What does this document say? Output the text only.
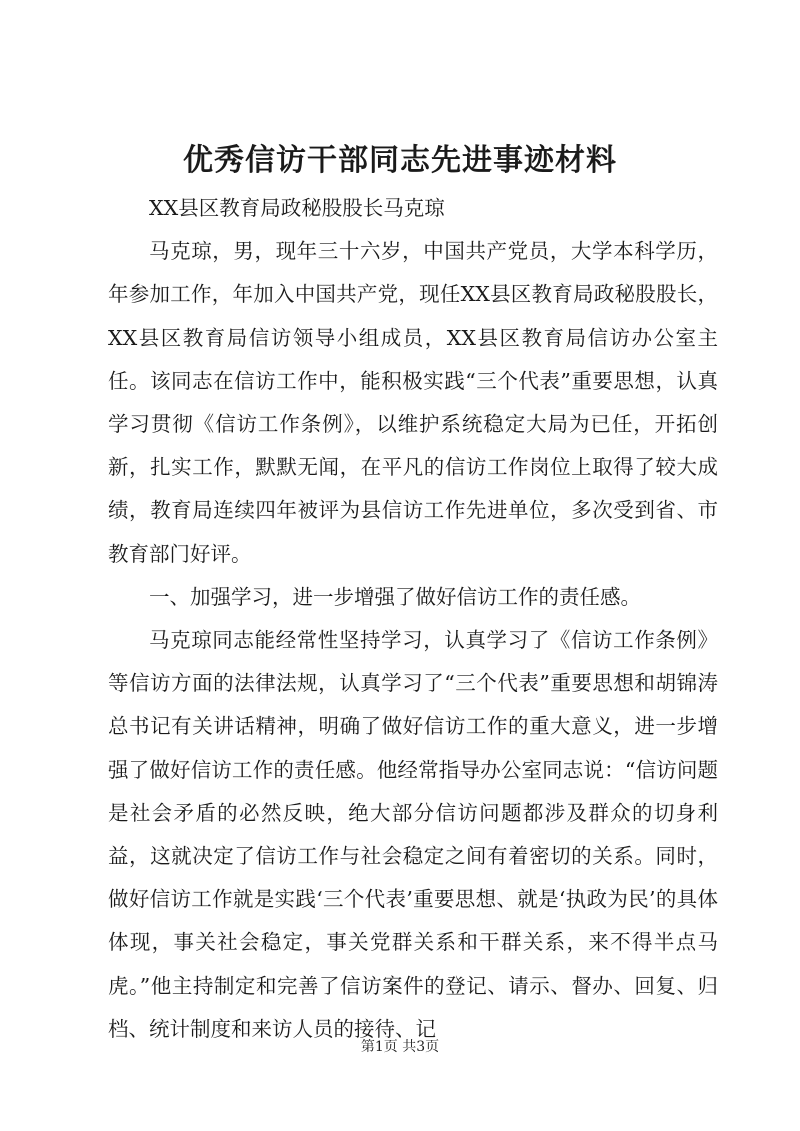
优秀信访干部同志先进事迹材料

XX县区教育局政秘股股长马克琼

马克琼，男，现年三十六岁，中国共产党员，大学本科学历，年参加工作，年加入中国共产党，现任XX县区教育局政秘股股长，XX县区教育局信访领导小组成员，XX县区教育局信访办公室主任。该同志在信访工作中，能积极实践“三个代表”重要思想，认真学习贯彻《信访工作条例》，以维护系统稳定大局为已任，开拓创新，扎实工作，默默无闻，在平凡的信访工作岗位上取得了较大成绩，教育局连续四年被评为县信访工作先进单位，多次受到省、市教育部门好评。

一、加强学习，进一步增强了做好信访工作的责任感。

马克琼同志能经常性坚持学习，认真学习了《信访工作条例》等信访方面的法律法规，认真学习了“三个代表”重要思想和胡锦涛总书记有关讲话精神，明确了做好信访工作的重大意义，进一步增强了做好信访工作的责任感。他经常指导办公室同志说：“信访问题是社会矛盾的必然反映，绝大部分信访问题都涉及群众的切身利益，这就决定了信访工作与社会稳定之间有着密切的关系。同时，做好信访工作就是实践‘三个代表’重要思想、就是‘执政为民’的具体体现，事关社会稳定，事关党群关系和干群关系，来不得半点马虎。”他主持制定和完善了信访案件的登记、请示、督办、回复、归档、统计制度和来访人员的接待、记

第1页 共3页
